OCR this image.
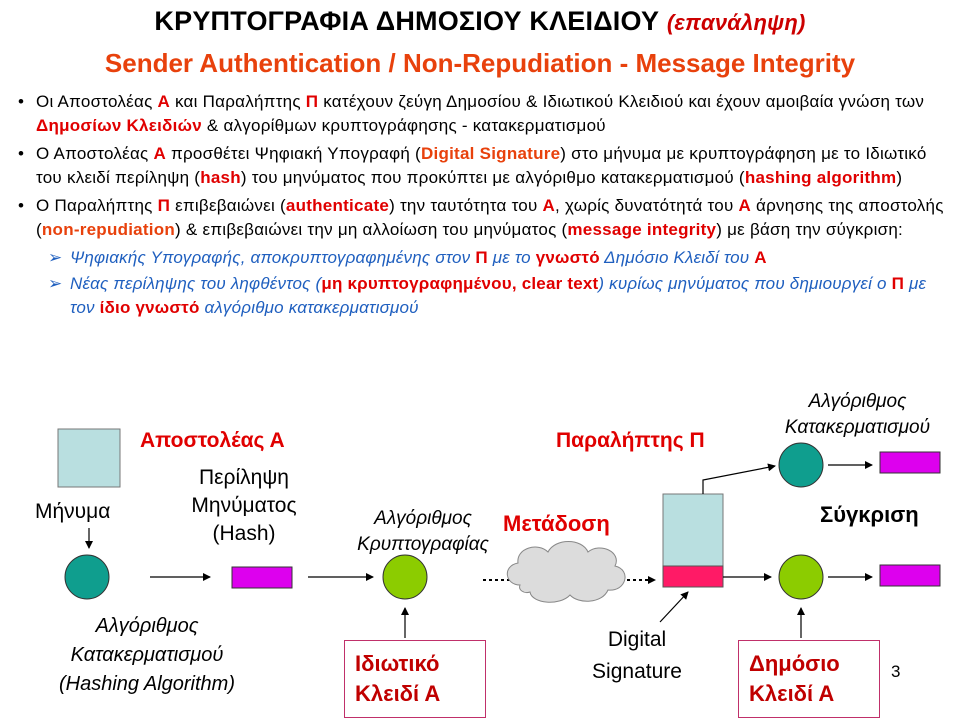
ΚΡΥΠΤΟΓΡΑΦΙΑ ΔΗΜΟΣΙΟΥ ΚΛΕΙΔΙΟΥ (επανάληψη)
Sender Authentication / Non-Repudiation - Message Integrity
• Οι Αποστολέας Α και Παραλήπτης Π κατέχουν ζεύγη Δημοσίου & Ιδιωτικού Κλειδιού και έχουν αμοιβαία γνώση των Δημοσίων Κλειδιών & αλγορίθμων κρυπτογράφησης - κατακερματισμού
• Ο Αποστολέας Α προσθέτει Ψηφιακή Υπογραφή (Digital Signature) στο μήνυμα με κρυπτογράφηση με το Ιδιωτικό του κλειδί περίληψη (hash) του μηνύματος που προκύπτει με αλγόριθμο κατακερματισμού (hashing algorithm)
• Ο Παραλήπτης Π επιβεβαιώνει (authenticate) την ταυτότητα του Α, χωρίς δυνατότητά του Α άρνησης της αποστολής (non-repudiation) & επιβεβαιώνει την μη αλλοίωση του μηνύματος (message integrity) με βάση την σύγκριση:
➢ Ψηφιακής Υπογραφής, αποκρυπτογραφημένης στον Π με το γνωστό Δημόσιο Κλειδί του Α
➢ Νέας περίληψης του ληφθέντος (μη κρυπτογραφημένου, clear text) κυρίως μηνύματος που δημιουργεί ο Π με τον ίδιο γνωστό αλγόριθμο κατακερματισμού
Αποστολέας Α	Παραλήπτης Π
Μήνυμα
Περίληψη
Μηνύματος
(Hash)
Αλγόριθμος
Κατακερματισμού
(Hashing Algorithm)
Αλγόριθμος
Κρυπτογραφίας
Μετάδοση
Αλγόριθμος
Κατακερματισμού
Σύγκριση
Digital
Signature
Ιδιωτικό
Κλειδί Α
Δημόσιο
Κλειδί Α
3
